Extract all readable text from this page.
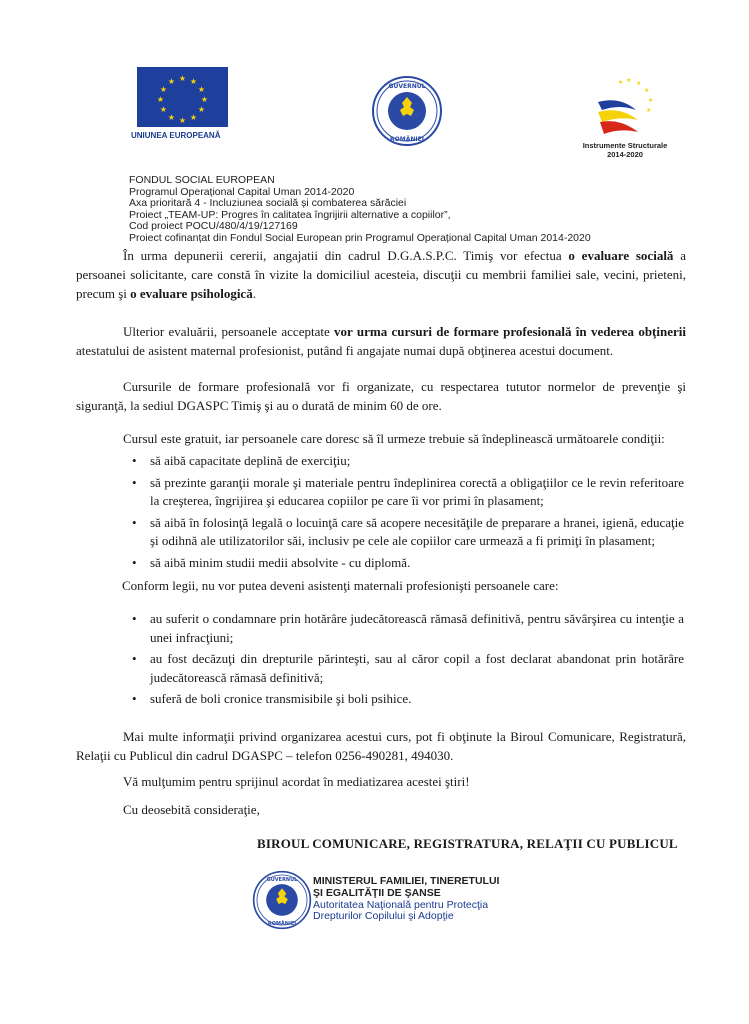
★ ★
★
★
★
★
★
★
★
★
★
★
UNIUNEA EUROPEANĂ
GUVERNUL
ROMÂNIEI
★ ★
★
★
★
★
Instrumente Structurale
2014-2020
FONDUL SOCIAL EUROPEAN
Programul Operațional Capital Uman 2014-2020
Axa prioritară 4 - Incluziunea socială și combaterea sărăciei
Proiect „TEAM-UP: Progres în calitatea îngrijirii alternative a copiilor”,
Cod proiect POCU/480/4/19/127169
Proiect cofinanțat din Fondul Social European prin Programul Operațional Capital Uman 2014-2020

În urma depunerii cererii, angajatii din cadrul D.G.A.S.P.C. Timiş vor efectua o evaluare socială a persoanei solicitante, care constă în vizite la domiciliul acesteia, discuţii cu membrii familiei sale, vecini, prieteni, precum şi o evaluare psihologică.

Ulterior evaluării, persoanele acceptate vor urma cursuri de formare profesională în vederea obţinerii atestatului de asistent maternal profesionist, putând fi angajate numai după obţinerea acestui document.

Cursurile de formare profesională vor fi organizate, cu respectarea tututor normelor de prevenţie şi siguranţă, la sediul DGASPC Timiş şi au o durată de minim 60 de ore.

Cursul este gratuit, iar persoanele care doresc să îl urmeze trebuie să îndeplinească următoarele condiţii:

• să aibă capacitate deplină de exerciţiu;
• să prezinte garanţii morale şi materiale pentru îndeplinirea corectă a obligaţiilor ce le revin referitoare la creşterea, îngrijirea şi educarea copiilor pe care îi vor primi în plasament;
• să aibă în folosinţă legală o locuinţă care să acopere necesităţile de preparare a hranei, igienă, educaţie şi odihnă ale utilizatorilor săi, inclusiv pe cele ale copiilor care urmează a fi primiţi în plasament;
• să aibă minim studii medii absolvite - cu diplomă.

Conform legii, nu vor putea deveni asistenţi maternali profesionişti persoanele care:

• au suferit o condamnare prin hotărâre judecătorească rămasă definitivă, pentru săvârşirea cu intenţie a unei infracţiuni;
• au fost decăzuţi din drepturile părinteşti, sau al căror copil a fost declarat abandonat prin hotărâre judecătorească rămasă definitivă;
• suferă de boli cronice transmisibile şi boli psihice.

Mai multe informaţii privind organizarea acestui curs, pot fi obţinute la Biroul Comunicare, Registratură, Relaţii cu Publicul din cadrul DGASPC – telefon 0256-490281, 494030.

Vă mulţumim pentru sprijinul acordat în mediatizarea acestei ştiri!

Cu deosebită consideraţie,

BIROUL COMUNICARE, REGISTRATURA, RELAŢII CU PUBLICUL
GUVERNUL
ROMÂNIEI
MINISTERUL FAMILIEI, TINERETULUI
ŞI EGALITĂŢII DE ŞANSE
Autoritatea Naţională pentru Protecţia
Drepturilor Copilului şi Adopţie
